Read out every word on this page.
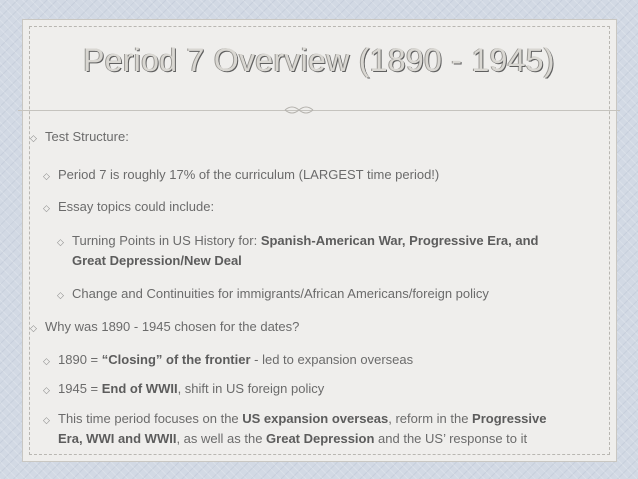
Period 7 Overview (1890 - 1945)
◇ Test Structure:
◇ Period 7 is roughly 17% of the curriculum (LARGEST time period!)
◇ Essay topics could include:
◇ Turning Points in US History for: Spanish-American War, Progressive Era, and
Great Depression/New Deal
◇ Change and Continuities for immigrants/African Americans/foreign policy
◇ Why was 1890 - 1945 chosen for the dates?
◇ 1890 = “Closing” of the frontier - led to expansion overseas
◇ 1945 = End of WWII, shift in US foreign policy
◇ This time period focuses on the US expansion overseas, reform in the Progressive
Era, WWI and WWII, as well as the Great Depression and the US’ response to it
